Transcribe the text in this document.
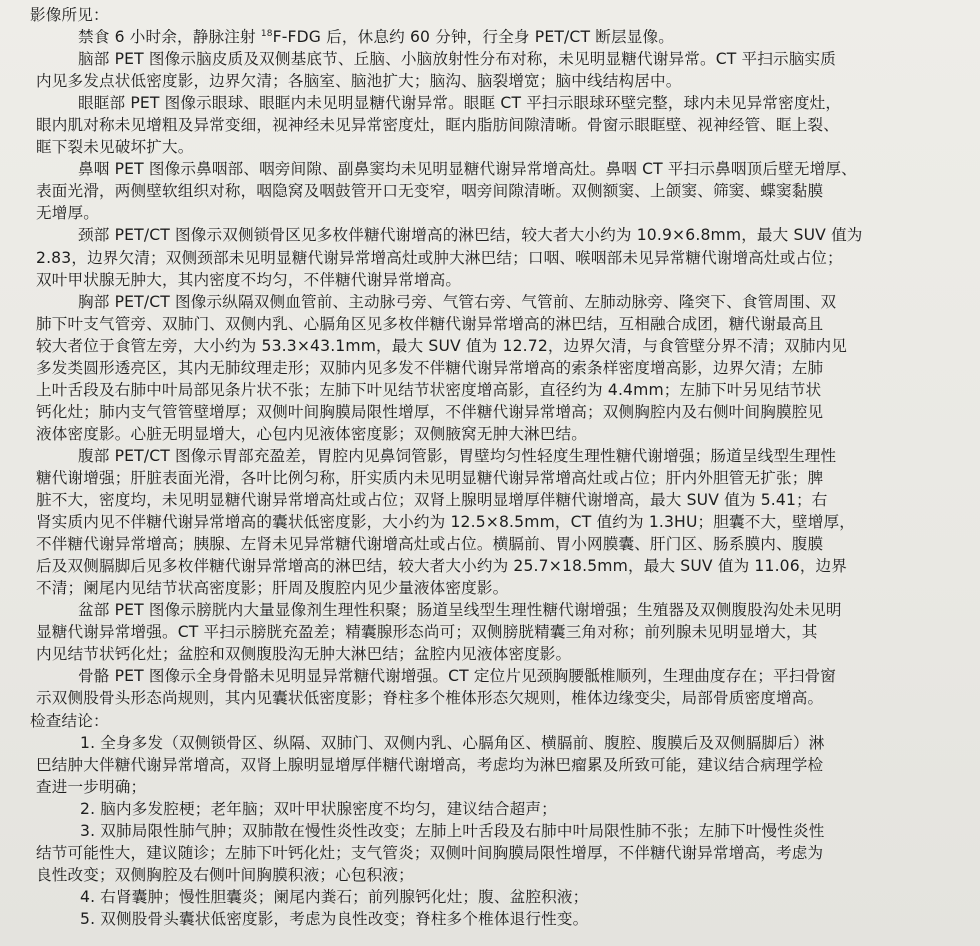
影像所见：
禁食 6 小时余，静脉注射 $^{18}$F-FDG 后，休息约 60 分钟，行全身 PET/CT 断层显像。
脑部 PET 图像示脑皮质及双侧基底节、丘脑、小脑放射性分布对称，未见明显糖代谢异常。CT 平扫示脑实质
内见多发点状低密度影，边界欠清；各脑室、脑池扩大；脑沟、脑裂增宽；脑中线结构居中。
眼眶部 PET 图像示眼球、眼眶内未见明显糖代谢异常。眼眶 CT 平扫示眼球环壁完整，球内未见异常密度灶，
眼内肌对称未见增粗及异常变细，视神经未见异常密度灶，眶内脂肪间隙清晰。骨窗示眼眶壁、视神经管、眶上裂、
眶下裂未见破坏扩大。
鼻咽 PET 图像示鼻咽部、咽旁间隙、副鼻窦均未见明显糖代谢异常增高灶。鼻咽 CT 平扫示鼻咽顶后壁无增厚、
表面光滑，两侧壁软组织对称，咽隐窝及咽鼓管开口无变窄，咽旁间隙清晰。双侧额窦、上颌窦、筛窦、蝶窦黏膜
无增厚。
颈部 PET/CT 图像示双侧锁骨区见多枚伴糖代谢增高的淋巴结，较大者大小约为 10.9×6.8mm，最大 SUV 值为
2.83，边界欠清；双侧颈部未见明显糖代谢异常增高灶或肿大淋巴结；口咽、喉咽部未见异常糖代谢增高灶或占位；
双叶甲状腺无肿大，其内密度不均匀，不伴糖代谢异常增高。
胸部 PET/CT 图像示纵隔双侧血管前、主动脉弓旁、气管右旁、气管前、左肺动脉旁、隆突下、食管周围、双
肺下叶支气管旁、双肺门、双侧内乳、心膈角区见多枚伴糖代谢异常增高的淋巴结，互相融合成团，糖代谢最高且
较大者位于食管左旁，大小约为 53.3×43.1mm，最大 SUV 值为 12.72，边界欠清，与食管壁分界不清；双肺内见
多发类圆形透亮区，其内无肺纹理走形；双肺内见多发不伴糖代谢异常增高的索条样密度增高影，边界欠清；左肺
上叶舌段及右肺中叶局部见条片状不张；左肺下叶见结节状密度增高影，直径约为 4.4mm；左肺下叶另见结节状
钙化灶；肺内支气管管壁增厚；双侧叶间胸膜局限性增厚，不伴糖代谢异常增高；双侧胸腔内及右侧叶间胸膜腔见
液体密度影。心脏无明显增大，心包内见液体密度影；双侧腋窝无肿大淋巴结。
腹部 PET/CT 图像示胃部充盈差，胃腔内见鼻饲管影，胃壁均匀性轻度生理性糖代谢增强；肠道呈线型生理性
糖代谢增强；肝脏表面光滑，各叶比例匀称，肝实质内未见明显糖代谢异常增高灶或占位；肝内外胆管无扩张；脾
脏不大，密度均，未见明显糖代谢异常增高灶或占位；双肾上腺明显增厚伴糖代谢增高，最大 SUV 值为 5.41；右
肾实质内见不伴糖代谢异常增高的囊状低密度影，大小约为 12.5×8.5mm，CT 值约为 1.3HU；胆囊不大，壁增厚，
不伴糖代谢异常增高；胰腺、左肾未见异常糖代谢增高灶或占位。横膈前、胃小网膜囊、肝门区、肠系膜内、腹膜
后及双侧膈脚后见多枚伴糖代谢异常增高的淋巴结，较大者大小约为 25.7×18.5mm，最大 SUV 值为 11.06，边界
不清；阑尾内见结节状高密度影；肝周及腹腔内见少量液体密度影。
盆部 PET 图像示膀胱内大量显像剂生理性积聚；肠道呈线型生理性糖代谢增强；生殖器及双侧腹股沟处未见明
显糖代谢异常增强。CT 平扫示膀胱充盈差；精囊腺形态尚可；双侧膀胱精囊三角对称；前列腺未见明显增大，其
内见结节状钙化灶；盆腔和双侧腹股沟无肿大淋巴结；盆腔内见液体密度影。
骨骼 PET 图像示全身骨骼未见明显异常糖代谢增强。CT 定位片见颈胸腰骶椎顺列，生理曲度存在；平扫骨窗
示双侧股骨头形态尚规则，其内见囊状低密度影；脊柱多个椎体形态欠规则，椎体边缘变尖，局部骨质密度增高。
检查结论：
1. 全身多发（双侧锁骨区、纵隔、双肺门、双侧内乳、心膈角区、横膈前、腹腔、腹膜后及双侧膈脚后）淋
巴结肿大伴糖代谢异常增高，双肾上腺明显增厚伴糖代谢增高，考虑均为淋巴瘤累及所致可能，建议结合病理学检
查进一步明确；
2. 脑内多发腔梗；老年脑；双叶甲状腺密度不均匀，建议结合超声；
3. 双肺局限性肺气肿；双肺散在慢性炎性改变；左肺上叶舌段及右肺中叶局限性肺不张；左肺下叶慢性炎性
结节可能性大，建议随诊；左肺下叶钙化灶；支气管炎；双侧叶间胸膜局限性增厚，不伴糖代谢异常增高，考虑为
良性改变；双侧胸腔及右侧叶间胸膜积液；心包积液；
4. 右肾囊肿；慢性胆囊炎；阑尾内粪石；前列腺钙化灶；腹、盆腔积液；
5. 双侧股骨头囊状低密度影，考虑为良性改变；脊柱多个椎体退行性变。
